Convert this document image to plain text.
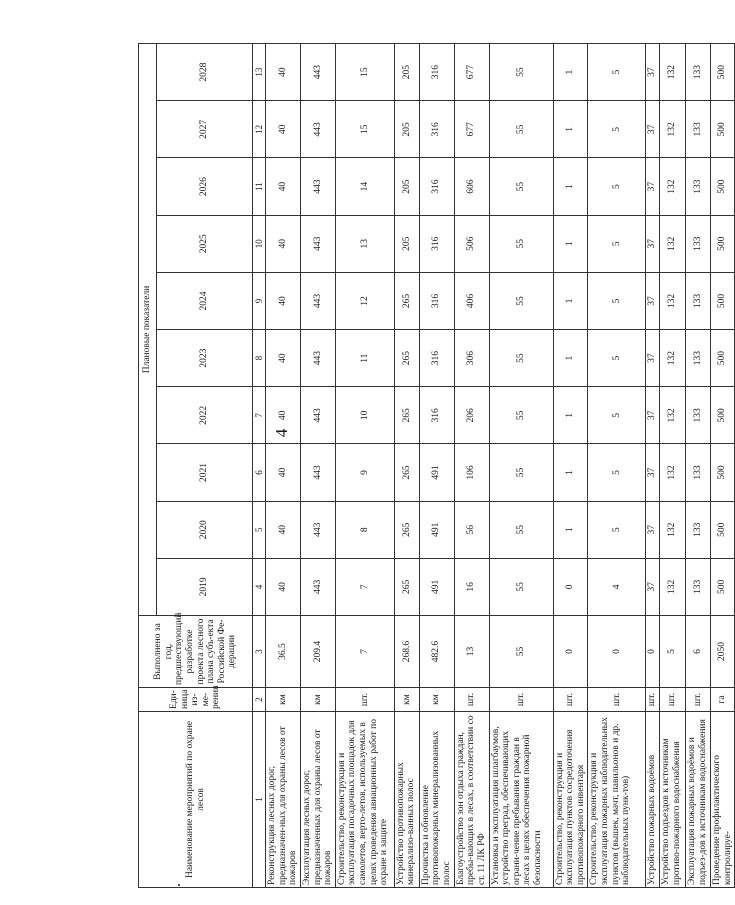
4
Наименование мероприятий по охране лесов	Еди-ница из-ме-рения	Выполнено за год, предшествующий разработке проекта лесного плана субъ-екта Российской Фе-дерации	Плановые показатели									
			2019	2020	2021	2022	2023	2024	2025	2026	2027	2028
1	2	3	4	5	6	7	8	9	10	11	12	13
Реконструкция лесных дорог, предназначен-ных для охраны лесов от пожаров	км	36.5	40	40	40	40	40	40	40	40	40	40
Эксплуатация лесных дорог, предназначенных для охраны лесов от пожаров	км	209.4	443	443	443	443	443	443	443	443	443	443
Строительство, реконструкция и эксплуатация посадочных площадок для самолетов, верто-летов, используемых в целях проведения авиационных работ по охране и защите	шт.	7	7	8	9	10	11	12	13	14	15	15
Устройство противопожарных минерализо-ванных полос	км	268.6	265	265	265	265	265	265	205	205	205	205
Прочистка и обновление противопожарных минерализованных полос	км	482.6	491	491	491	316	316	316	316	316	316	316
Благоустройство зон отдыха граждан, пребы-вающих в лесах, в соответствии со ст. 11 ЛК РФ	шт.	13	16	56	106	206	306	406	506	606	677	677
Установка и эксплуатация шлагбаумов, устройство преград, обеспечивающих ограни-чение пребывания граждан в лесах в целях обеспечения пожарной безопасности	шт.	55	55	55	55	55	55	55	55	55	55	55
Строительство, реконструкция и эксплуатация пунктов сосредоточения противопожарного инвентаря	шт.	0	0	1	1	1	1	1	1	1	1	1
Строительство, реконструкция и эксплуатация пожарных наблюдательных пунктов (вышек, мачт, павильонов и др. наблюдательных пунк-тов)	шт.	0	4	5	5	5	5	5	5	5	5	5
Устройство пожарных водоёмов	шт.	0	37	37	37	37	37	37	37	37	37	37
Устройство подъездов к источникам противо-пожарного водоснабжения	шт.	5	132	132	132	132	132	132	132	132	132	132
Эксплуатация пожарных водоёмов и подъез-дов к источникам водоснабжения	шт.	6	133	133	133	133	133	133	133	133	133	133
Проведение профилактического контролируе-	га	2050	500	500	500	500	500	500	500	500	500	500
